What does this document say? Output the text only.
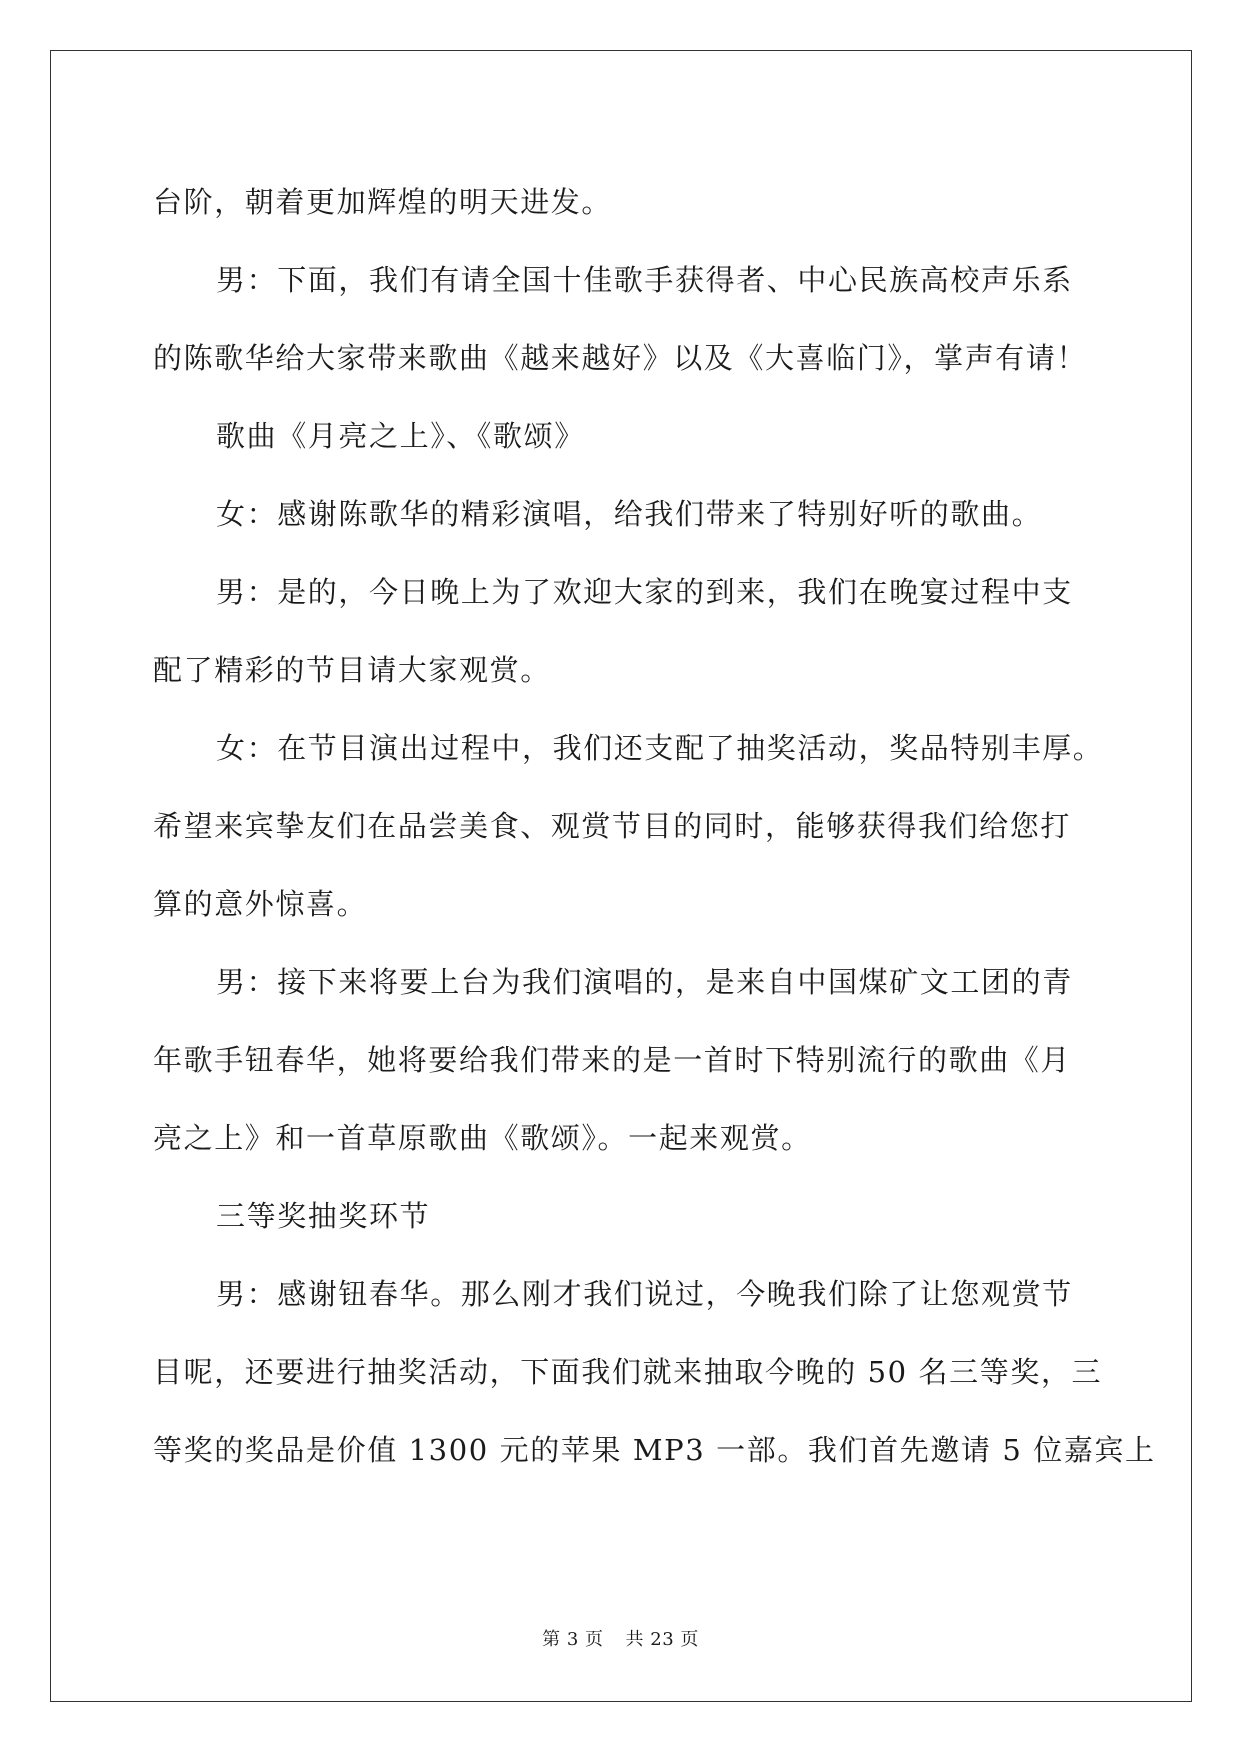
台阶，朝着更加辉煌的明天进发。

男：下面，我们有请全国十佳歌手获得者、中心民族高校声乐系

的陈歌华给大家带来歌曲《越来越好》以及《大喜临门》，掌声有请！

歌曲《月亮之上》、《歌颂》

女：感谢陈歌华的精彩演唱，给我们带来了特别好听的歌曲。

男：是的，今日晚上为了欢迎大家的到来，我们在晚宴过程中支

配了精彩的节目请大家观赏。

女：在节目演出过程中，我们还支配了抽奖活动，奖品特别丰厚。

希望来宾挚友们在品尝美食、观赏节目的同时，能够获得我们给您打

算的意外惊喜。

男：接下来将要上台为我们演唱的，是来自中国煤矿文工团的青

年歌手钮春华，她将要给我们带来的是一首时下特别流行的歌曲《月

亮之上》和一首草原歌曲《歌颂》。一起来观赏。

三等奖抽奖环节

男：感谢钮春华。那么刚才我们说过，今晚我们除了让您观赏节

目呢，还要进行抽奖活动，下面我们就来抽取今晚的 50 名三等奖，三

等奖的奖品是价值 1300 元的苹果 MP3 一部。我们首先邀请 5 位嘉宾上

第 3 页 共 23 页
